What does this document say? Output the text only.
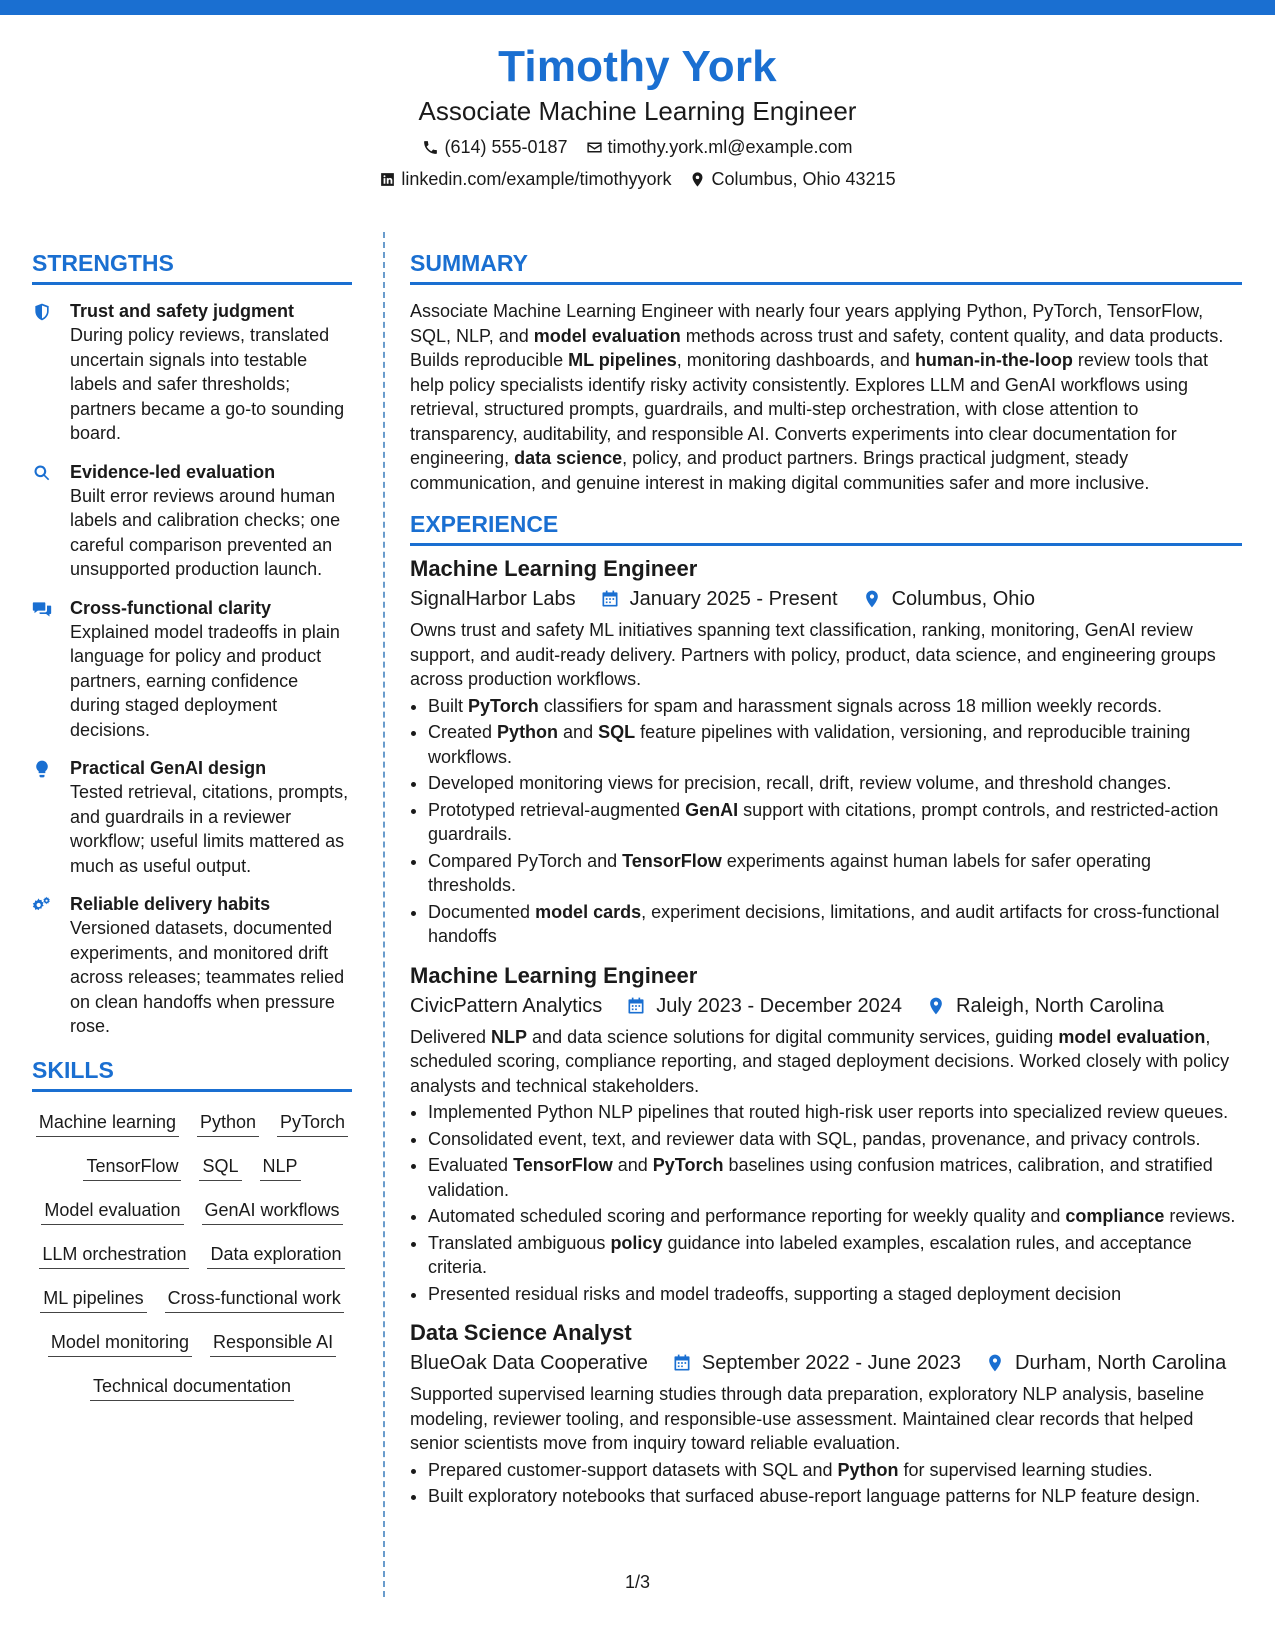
Timothy York
Associate Machine Learning Engineer
(614) 555-0187 timothy.york.ml@example.com
linkedin.com/example/timothyyork Columbus, Ohio 43215
STRENGTHS
Trust and safety judgment
During policy reviews, translated uncertain signals into testable labels and safer thresholds; partners became a go-to sounding board.
Evidence-led evaluation
Built error reviews around human labels and calibration checks; one careful comparison prevented an unsupported production launch.
Cross-functional clarity
Explained model tradeoffs in plain language for policy and product partners, earning confidence during staged deployment decisions.
Practical GenAI design
Tested retrieval, citations, prompts, and guardrails in a reviewer workflow; useful limits mattered as much as useful output.
Reliable delivery habits
Versioned datasets, documented experiments, and monitored drift across releases; teammates relied on clean handoffs when pressure rose.
SKILLS
Machine learning Python PyTorch
TensorFlow SQL NLP
Model evaluation GenAI workflows
LLM orchestration Data exploration
ML pipelines Cross-functional work
Model monitoring Responsible AI
Technical documentation
SUMMARY

Associate Machine Learning Engineer with nearly four years applying Python, PyTorch, TensorFlow, SQL, NLP, and model evaluation methods across trust and safety, content quality, and data products. Builds reproducible ML pipelines, monitoring dashboards, and human-in-the-loop review tools that help policy specialists identify risky activity consistently. Explores LLM and GenAI workflows using retrieval, structured prompts, guardrails, and multi-step orchestration, with close attention to transparency, auditability, and responsible AI. Converts experiments into clear documentation for engineering, data science, policy, and product partners. Brings practical judgment, steady communication, and genuine interest in making digital communities safer and more inclusive.

EXPERIENCE
Machine Learning Engineer
SignalHarbor Labs	January 2025 - Present	Columbus, Ohio

Owns trust and safety ML initiatives spanning text classification, ranking, monitoring, GenAI review support, and audit-ready delivery. Partners with policy, product, data science, and engineering groups across production workflows.

• Built PyTorch classifiers for spam and harassment signals across 18 million weekly records.
• Created Python and SQL feature pipelines with validation, versioning, and reproducible training workflows.
• Developed monitoring views for precision, recall, drift, review volume, and threshold changes.
• Prototyped retrieval-augmented GenAI support with citations, prompt controls, and restricted-action guardrails.
• Compared PyTorch and TensorFlow experiments against human labels for safer operating thresholds.
• Documented model cards, experiment decisions, limitations, and audit artifacts for cross-functional handoffs
Machine Learning Engineer
CivicPattern Analytics	July 2023 - December 2024	Raleigh, North Carolina

Delivered NLP and data science solutions for digital community services, guiding model evaluation, scheduled scoring, compliance reporting, and staged deployment decisions. Worked closely with policy analysts and technical stakeholders.

• Implemented Python NLP pipelines that routed high-risk user reports into specialized review queues.
• Consolidated event, text, and reviewer data with SQL, pandas, provenance, and privacy controls.
• Evaluated TensorFlow and PyTorch baselines using confusion matrices, calibration, and stratified validation.
• Automated scheduled scoring and performance reporting for weekly quality and compliance reviews.
• Translated ambiguous policy guidance into labeled examples, escalation rules, and acceptance criteria.
• Presented residual risks and model tradeoffs, supporting a staged deployment decision
Data Science Analyst
BlueOak Data Cooperative	September 2022 - June 2023	Durham, North Carolina

Supported supervised learning studies through data preparation, exploratory NLP analysis, baseline modeling, reviewer tooling, and responsible-use assessment. Maintained clear records that helped senior scientists move from inquiry toward reliable evaluation.

• Prepared customer-support datasets with SQL and Python for supervised learning studies.
• Built exploratory notebooks that surfaced abuse-report language patterns for NLP feature design.
1/3
